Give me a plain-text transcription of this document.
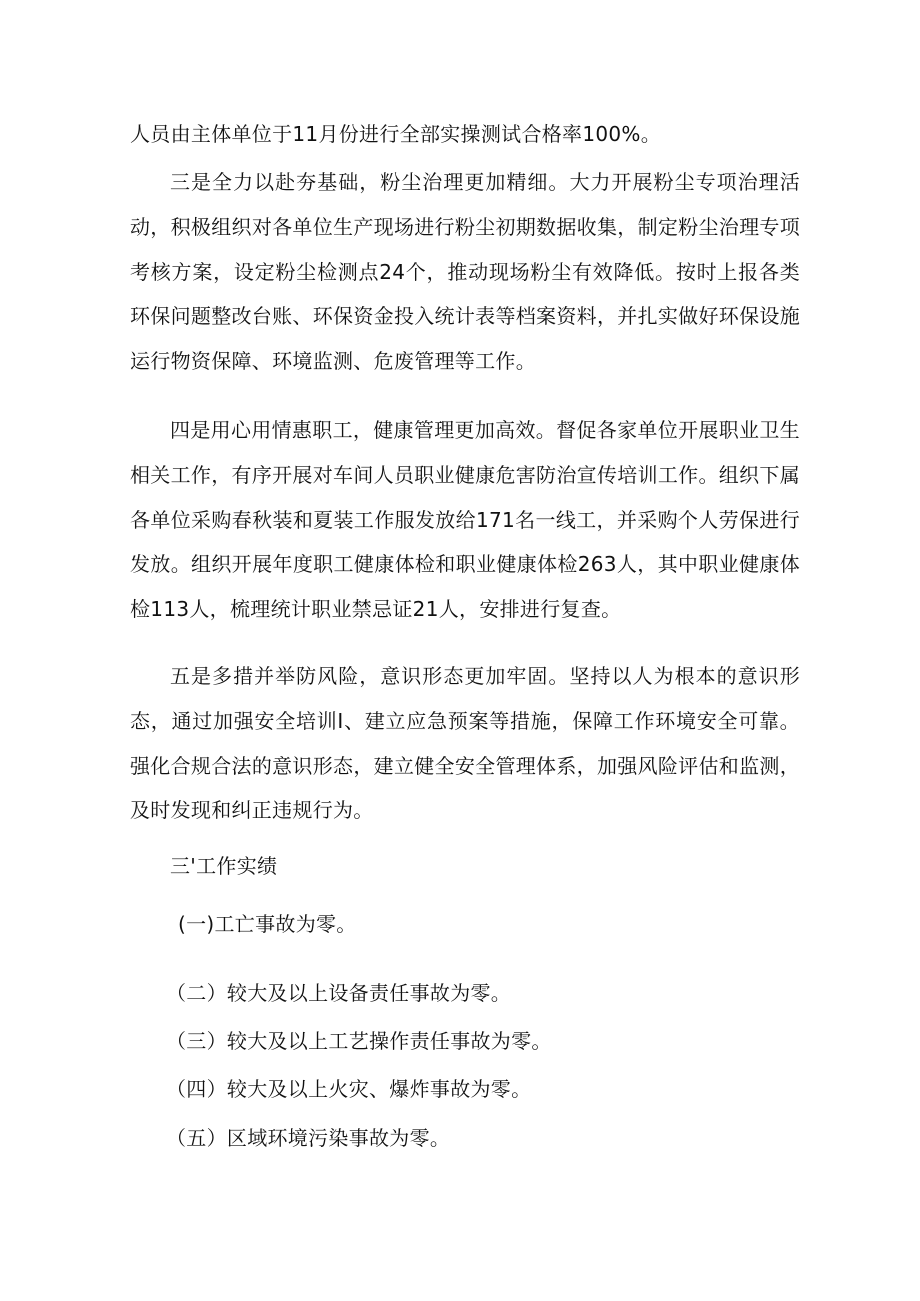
人员由主体单位于11月份进行全部实操测试合格率100%。

三是全力以赴夯基础，粉尘治理更加精细。大力开展粉尘专项治理活动，积极组织对各单位生产现场进行粉尘初期数据收集，制定粉尘治理专项考核方案，设定粉尘检测点24个，推动现场粉尘有效降低。按时上报各类环保问题整改台账、环保资金投入统计表等档案资料，并扎实做好环保设施运行物资保障、环境监测、危废管理等工作。

四是用心用情惠职工，健康管理更加高效。督促各家单位开展职业卫生相关工作，有序开展对车间人员职业健康危害防治宣传培训工作。组织下属各单位采购春秋装和夏装工作服发放给171名一线工，并采购个人劳保进行发放。组织开展年度职工健康体检和职业健康体检263人，其中职业健康体检113人，梳理统计职业禁忌证21人，安排进行复查。

五是多措并举防风险，意识形态更加牢固。坚持以人为根本的意识形态，通过加强安全培训I、建立应急预案等措施，保障工作环境安全可靠。强化合规合法的意识形态，建立健全安全管理体系，加强风险评估和监测，及时发现和纠正违规行为。

三'工作实绩

(一)工亡事故为零。

（二）较大及以上设备责任事故为零。

（三）较大及以上工艺操作责任事故为零。

（四）较大及以上火灾、爆炸事故为零。

（五）区域环境污染事故为零。
